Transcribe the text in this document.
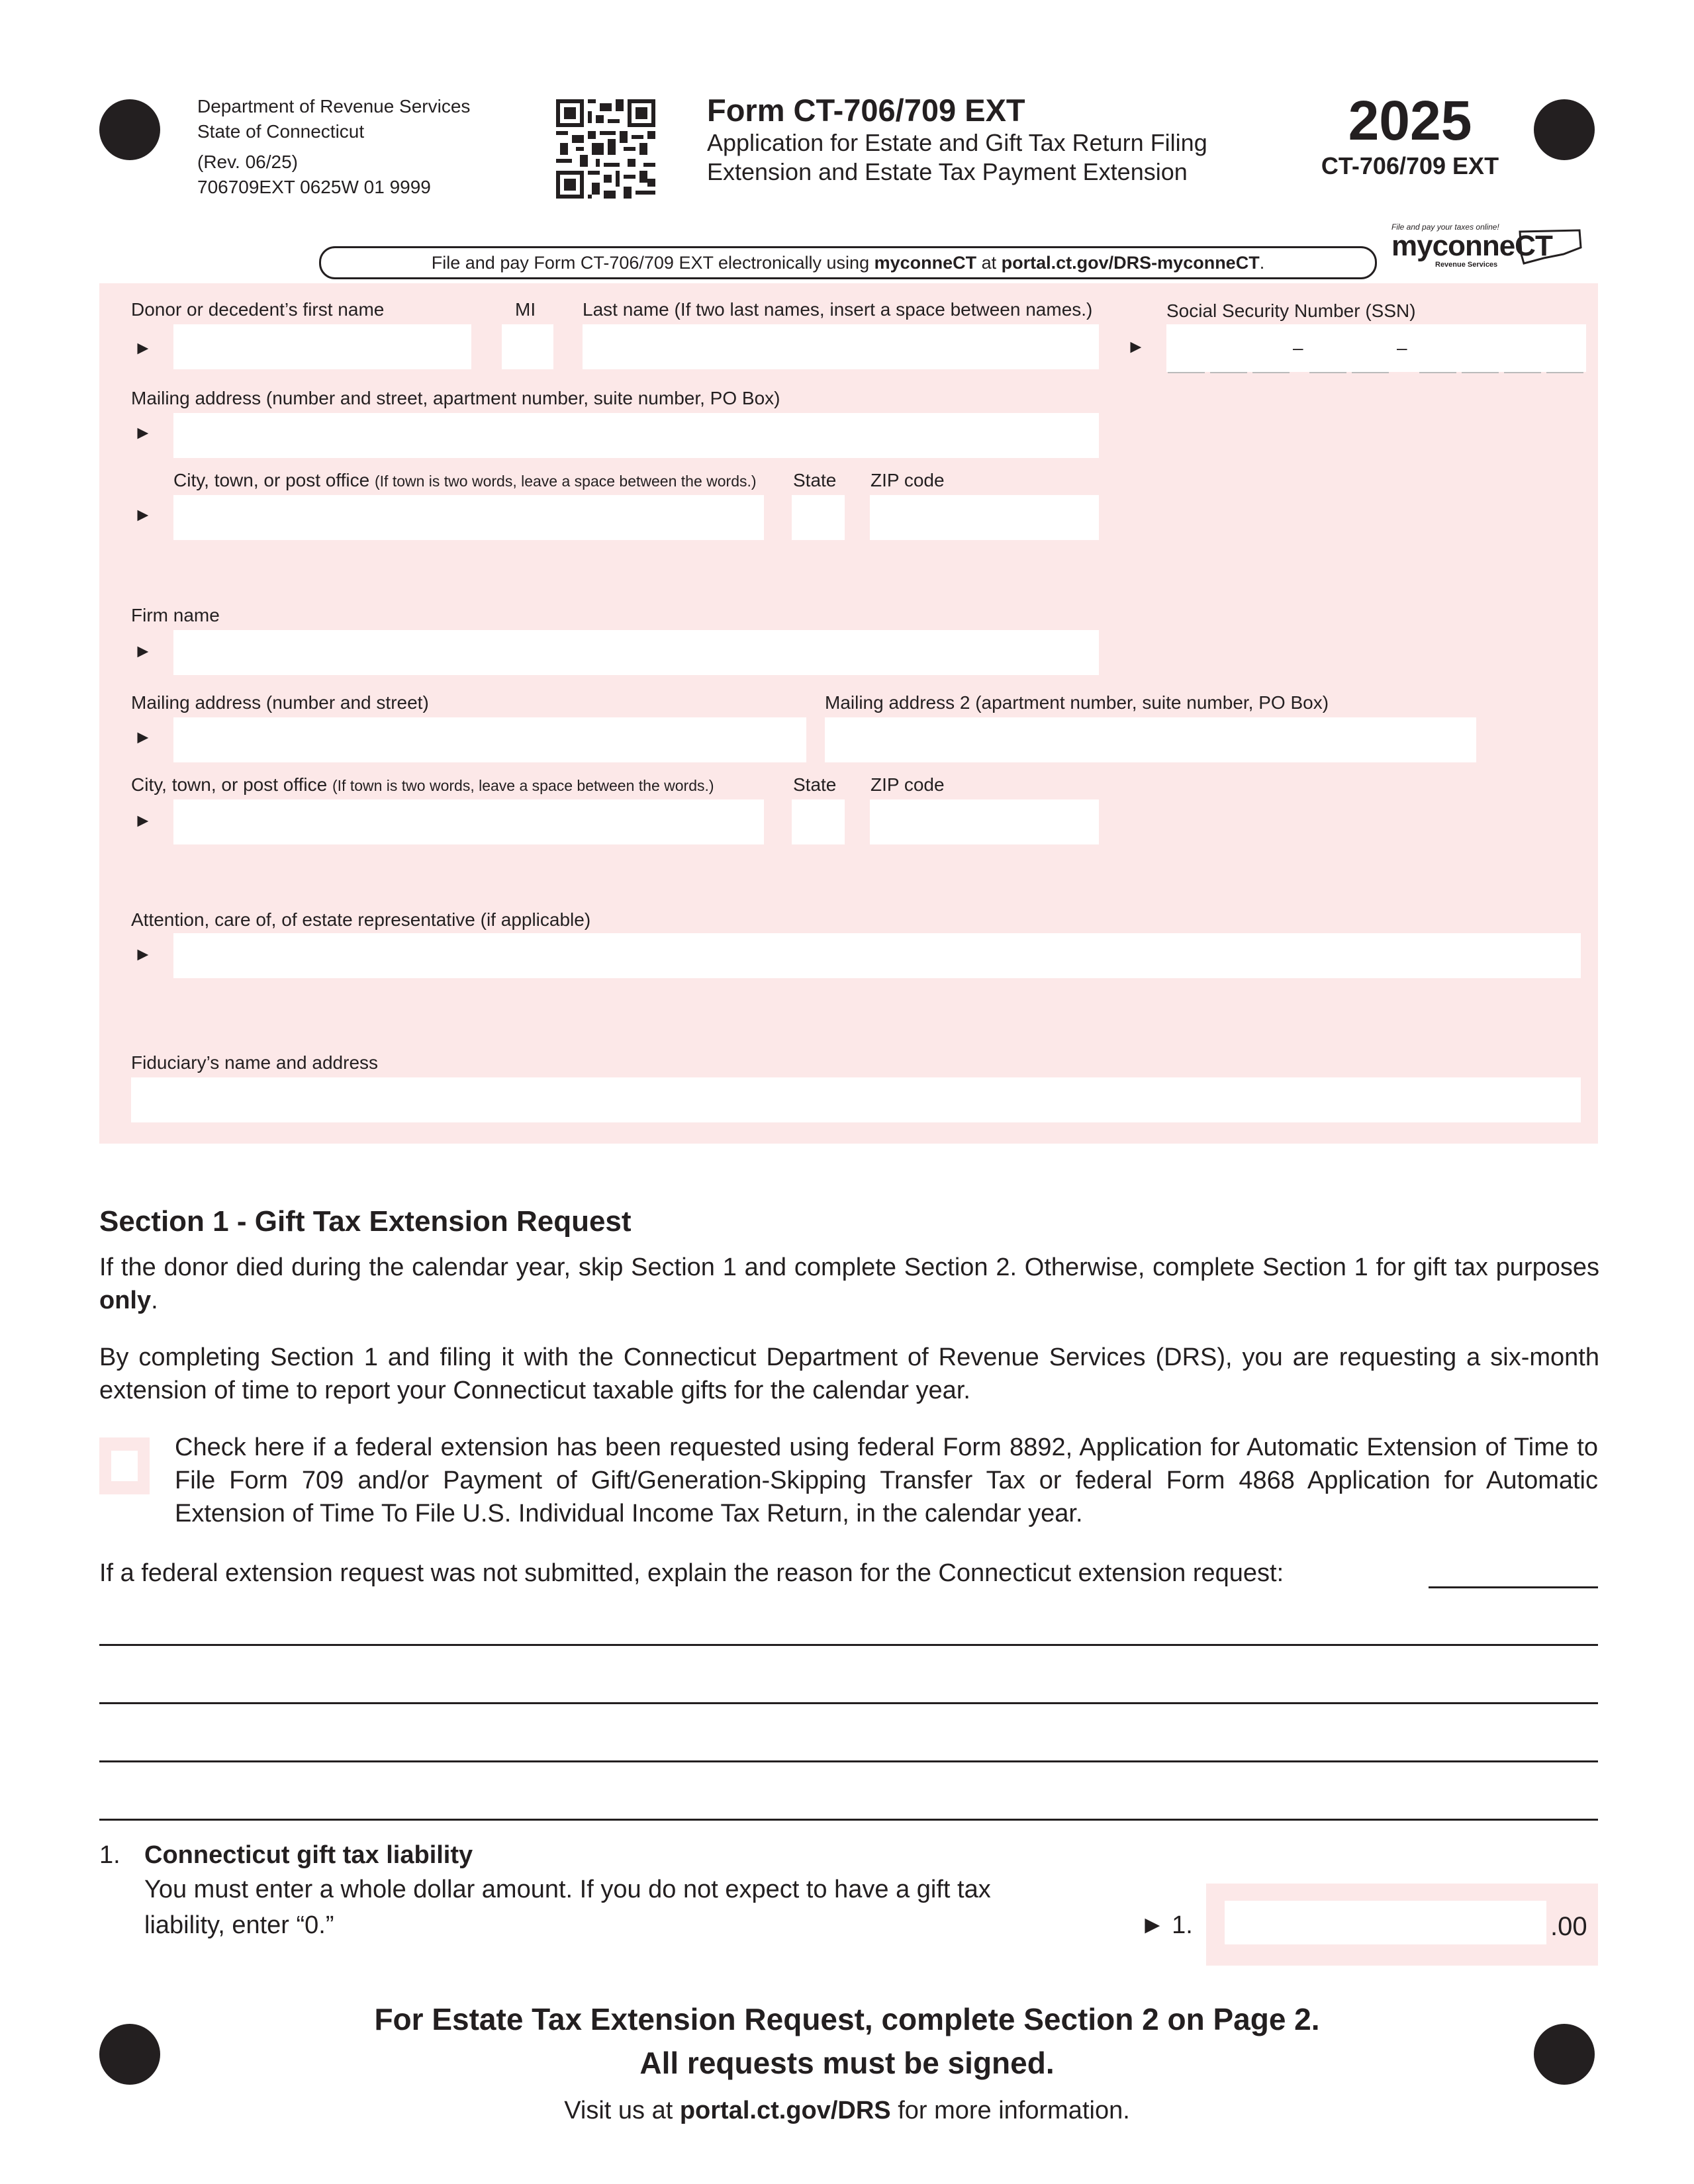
Department of Revenue Services
State of Connecticut
(Rev. 06/25)
706709EXT 0625W 01 9999
Form CT-706/709 EXT
Application for Estate and Gift Tax Return Filing
Extension and Estate Tax Payment Extension
2025
CT-706/709 EXT
File and pay your taxes online!
myconneCT
Revenue Services
File and pay Form CT-706/709 EXT electronically using myconneCT at portal.ct.gov/DRS-myconneCT.
Donor or decedent’s first name	MI	Last name (If two last names, insert a space between names.)	Social Security Number (SSN)
►	►	–	–
Mailing address (number and street, apartment number, suite number, PO Box)
►
City, town, or post office (If town is two words, leave a space between the words.) State ZIP code
►
Firm name
►
Mailing address (number and street)	Mailing address 2 (apartment number, suite number, PO Box)
►
City, town, or post office (If town is two words, leave a space between the words.)	State ZIP code
►
Attention, care of, of estate representative (if applicable)
►
Fiduciary’s name and address
Section 1 - Gift Tax Extension Request
If the donor died during the calendar year, skip Section 1 and complete Section 2. Otherwise, complete Section 1 for gift tax purposes only.
By completing Section 1 and filing it with the Connecticut Department of Revenue Services (DRS), you are requesting a six-month extension of time to report your Connecticut taxable gifts for the calendar year.
Check here if a federal extension has been requested using federal Form 8892, Application for Automatic Extension of Time to File Form 709 and/or Payment of Gift/Generation-Skipping Transfer Tax or federal Form 4868 Application for Automatic Extension of Time To File U.S. Individual Income Tax Return, in the calendar year.
If a federal extension request was not submitted, explain the reason for the Connecticut extension request:
1. Connecticut gift tax liability
You must enter a whole dollar amount. If you do not expect to have a gift tax
liability, enter “0.”	► 1.	.00
For Estate Tax Extension Request, complete Section 2 on Page 2.
All requests must be signed.
Visit us at portal.ct.gov/DRS for more information.
